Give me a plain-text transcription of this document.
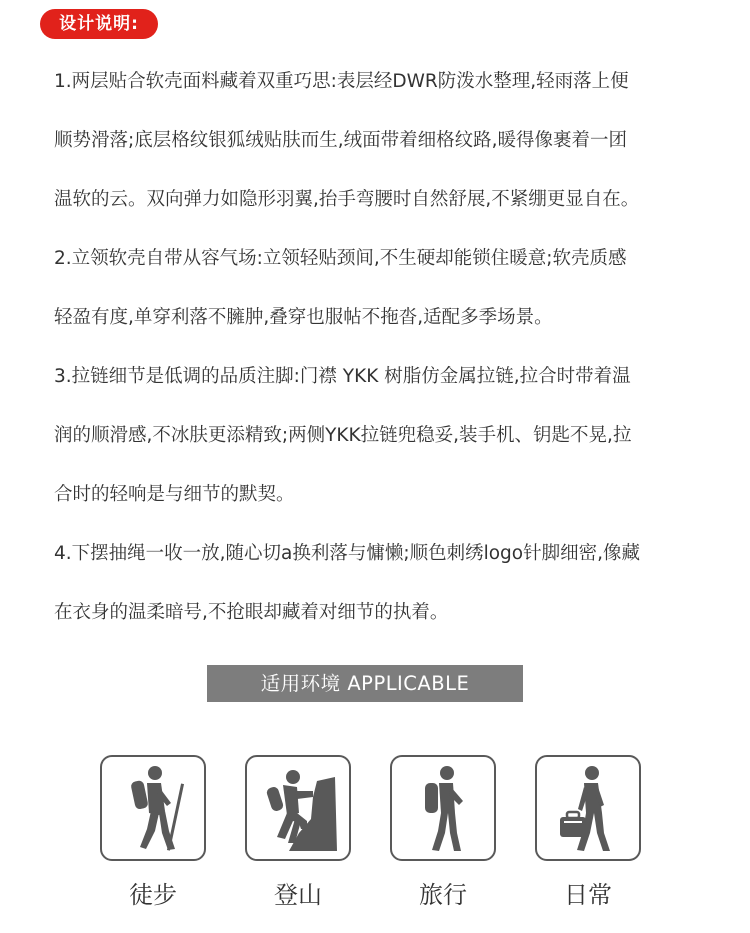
设计说明:

1.两层贴合软壳面料藏着双重巧思:表层经DWR防泼水整理,轻雨落上便
顺势滑落;底层格纹银狐绒贴肤而生,绒面带着细格纹路,暖得像裹着一团
温软的云。双向弹力如隐形羽翼,抬手弯腰时自然舒展,不紧绷更显自在。

2.立领软壳自带从容气场:立领轻贴颈间,不生硬却能锁住暖意;软壳质感
轻盈有度,单穿利落不臃肿,叠穿也服帖不拖沓,适配多季场景。

3.拉链细节是低调的品质注脚:门襟 YKK 树脂仿金属拉链,拉合时带着温
润的顺滑感,不冰肤更添精致;两侧YKK拉链兜稳妥,装手机、钥匙不晃,拉
合时的轻响是与细节的默契。

4.下摆抽绳一收一放,随心切a换利落与慵懒;顺色刺绣logo针脚细密,像藏
在衣身的温柔暗号,不抢眼却藏着对细节的执着。

适用环境 APPLICABLE
徒步	登山	旅行	日常
